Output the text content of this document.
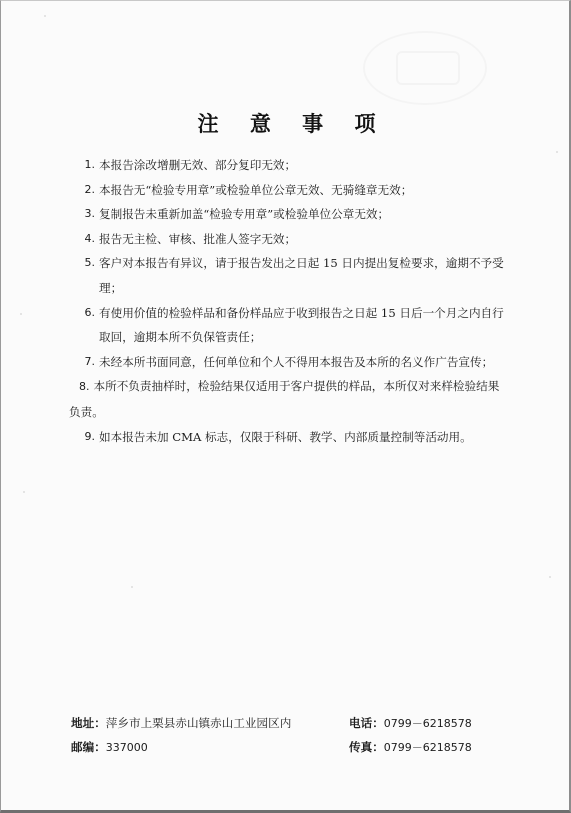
注 意 事 项
1. 本报告涂改增删无效、部分复印无效；
2. 本报告无“检验专用章”或检验单位公章无效、无骑缝章无效；
3. 复制报告未重新加盖“检验专用章”或检验单位公章无效；
4. 报告无主检、审核、批准人签字无效；
5. 客户对本报告有异议，请于报告发出之日起 15 日内提出复检要求，逾期不予受
理；
6. 有使用价值的检验样品和备份样品应于收到报告之日起 15 日后一个月之内自行
取回，逾期本所不负保管责任；
7. 未经本所书面同意，任何单位和个人不得用本报告及本所的名义作广告宣传；
8. 本所不负责抽样时，检验结果仅适用于客户提供的样品，本所仅对来样检验结果
负责。
9. 如本报告未加 CMA 标志，仅限于科研、教学、内部质量控制等活动用。
地址：萍乡市上栗县赤山镇赤山工业园区内	电话：0799－6218578
邮编：337000	传真：0799－6218578
